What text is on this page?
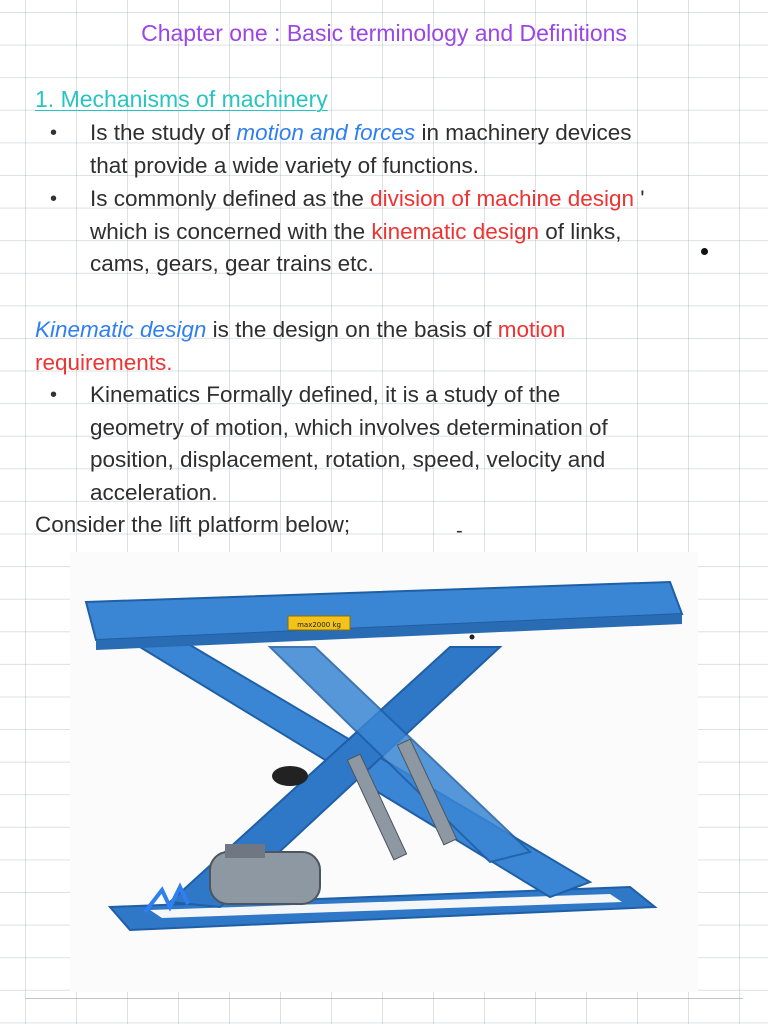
Chapter one : Basic terminology and Definitions
1. Mechanisms of machinery
• Is the study of motion and forces in machinery devices
that provide a wide variety of functions.
• Is commonly defined as the division of machine design '
which is concerned with the kinematic design of links,
cams, gears, gear trains etc.
Kinematic design is the design on the basis of motion
requirements.
• Kinematics Formally defined, it is a study of the
geometry of motion, which involves determination of
position, displacement, rotation, speed, velocity and
acceleration.
Consider the lift platform below;	-
max2000 kg
